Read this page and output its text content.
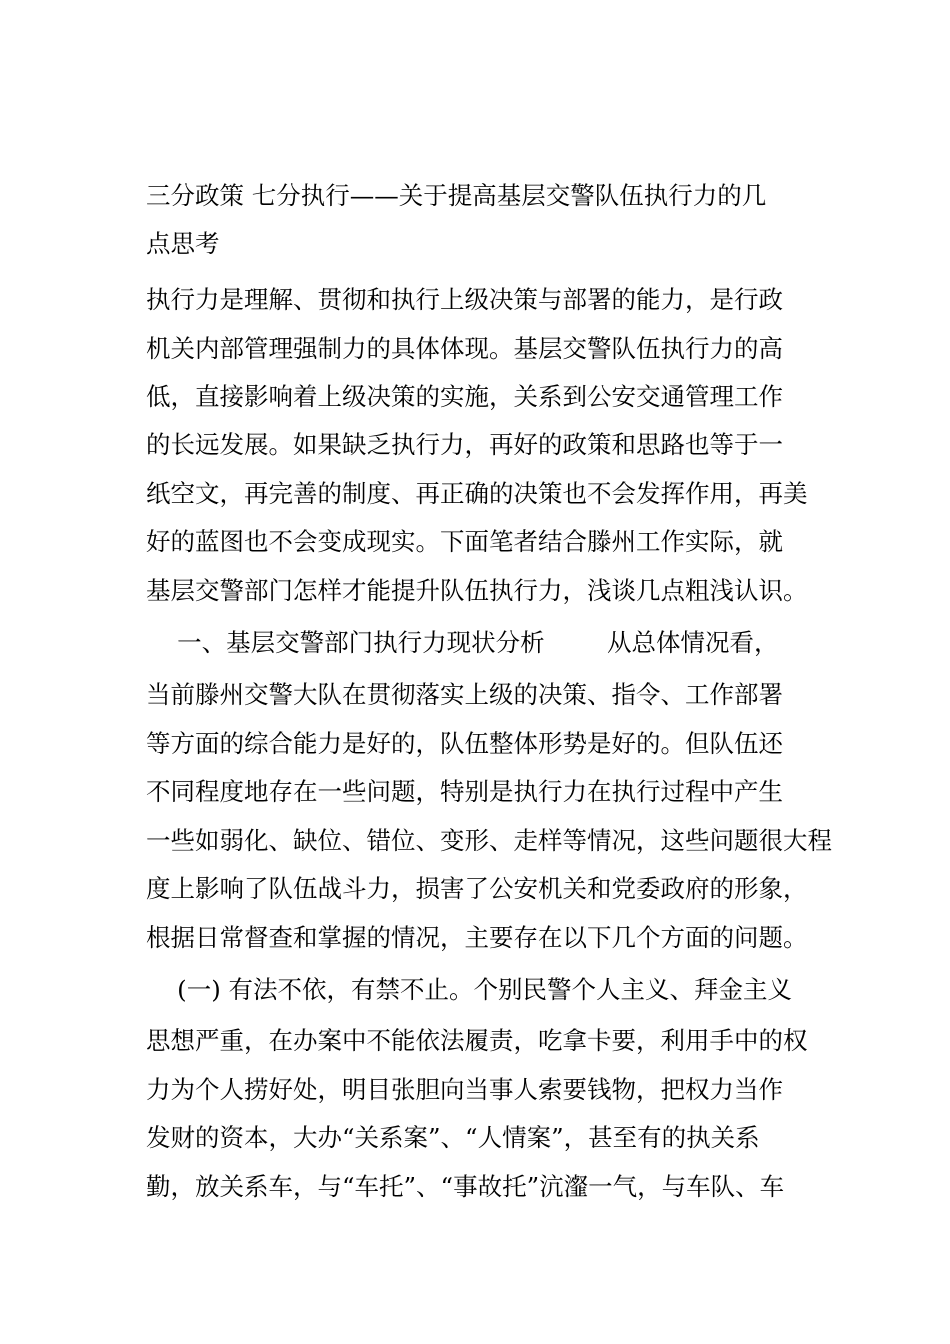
三分政策 七分执行——关于提高基层交警队伍执行力的几
点思考
执行力是理解、贯彻和执行上级决策与部署的能力，是行政
机关内部管理强制力的具体体现。基层交警队伍执行力的高
低，直接影响着上级决策的实施，关系到公安交通管理工作
的长远发展。如果缺乏执行力，再好的政策和思路也等于一
纸空文，再完善的制度、再正确的决策也不会发挥作用，再美
好的蓝图也不会变成现实。下面笔者结合滕州工作实际，就
基层交警部门怎样才能提升队伍执行力，浅谈几点粗浅认识。
一、基层交警部门执行力现状分析        从总体情况看，
当前滕州交警大队在贯彻落实上级的决策、指令、工作部署
等方面的综合能力是好的，队伍整体形势是好的。但队伍还
不同程度地存在一些问题，特别是执行力在执行过程中产生
一些如弱化、缺位、错位、变形、走样等情况，这些问题很大程
度上影响了队伍战斗力，损害了公安机关和党委政府的形象，
根据日常督查和掌握的情况，主要存在以下几个方面的问题。
(一) 有法不依，有禁不止。个别民警个人主义、拜金主义
思想严重，在办案中不能依法履责，吃拿卡要，利用手中的权
力为个人捞好处，明目张胆向当事人索要钱物，把权力当作
发财的资本，大办“关系案”、“人情案”，甚至有的执关系
勤，放关系车，与“车托”、“事故托”沆瀣一气，与车队、车
